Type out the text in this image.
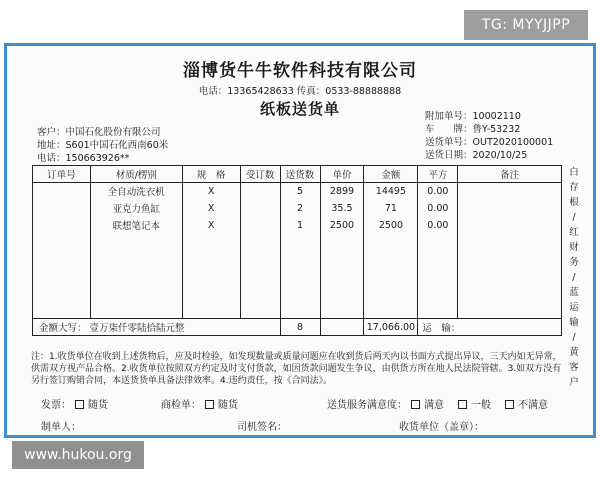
TG: MYYJJPP
淄博货牛牛软件科技有限公司
电话：13365428633 传真：0533-88888888
纸板送货单
客户：中国石化股份有限公司
地址：S601中国石化西南60米
电话：150663926**
附加单号：10002110
车　　牌：鲁Y-53232
送货单号：OUT2020100001
送货日期：2020/10/25
订单号	材质/楞别	规　格	受订数	送货数	单价	金额	平方	备注
	全自动洗衣机	X		5	2899	14495	0.00	
	亚克力鱼缸	X		2	35.5	71	0.00	
	联想笔记本	X		1	2500	2500	0.00	

金额大写： 壹万柒仟零陆拾陆元整				8		17,066.00	运　输：	
白
存根
/
红
财务
/
蓝
运输
/
黄
客户
注：1.收货单位在收到上述货物后，应及时检验，如发现数量或质量问题应在收到货后两天内以书面方式提出异议，三天内如无异常，供需双方视产品合格。2.收货单位按照双方约定及时支付货款，如因货款问题发生争议，由供货方所在地人民法院管辖。3.如双方没有另行签订购销合同，本送货货单具备法律效率。4.违约责任，按《合同法》。
发票： 随货	商检单： 随货	送货服务满意度： 满意	一般	不满意
制单人：	司机签名：	收货单位（盖章）：
www.hukou.org
